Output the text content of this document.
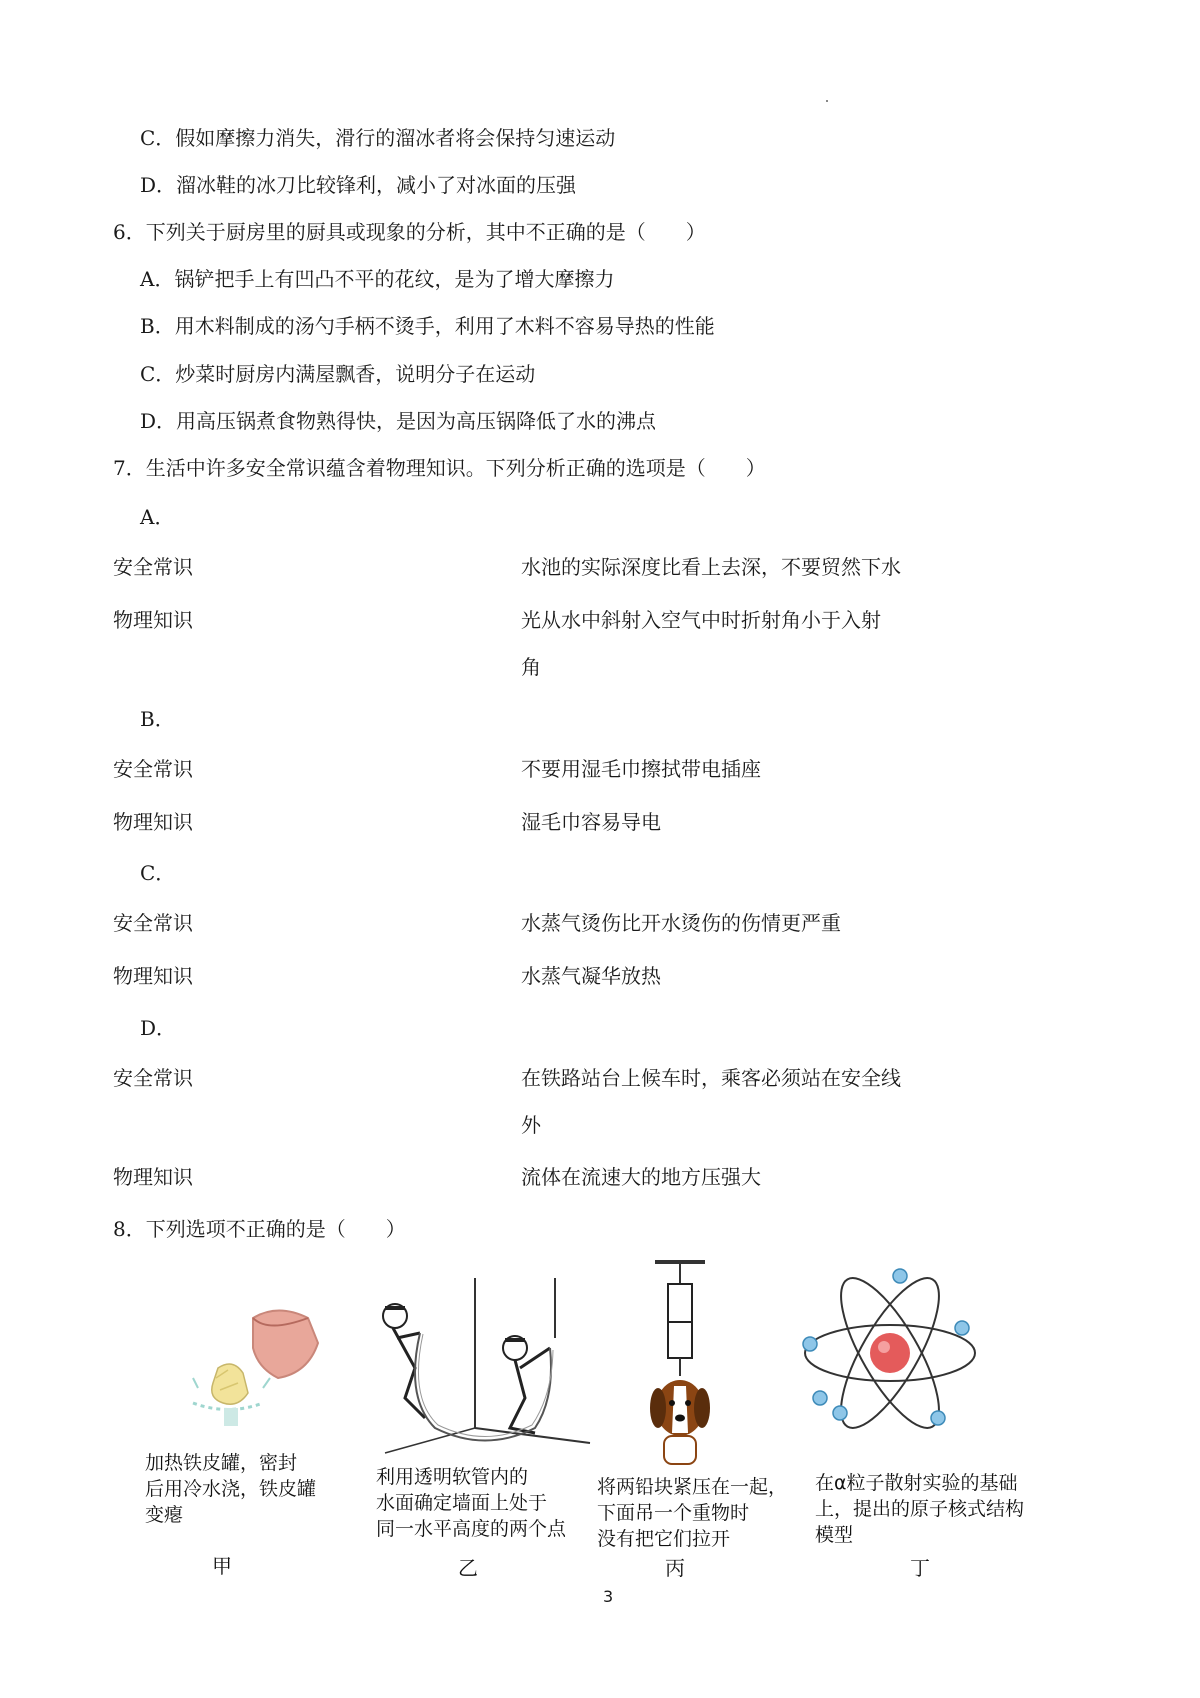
C．假如摩擦力消失，滑行的溜冰者将会保持匀速运动
D．溜冰鞋的冰刀比较锋利，减小了对冰面的压强
6．下列关于厨房里的厨具或现象的分析，其中不正确的是（　　）
A．锅铲把手上有凹凸不平的花纹，是为了增大摩擦力
B．用木料制成的汤勺手柄不烫手，利用了木料不容易导热的性能
C．炒菜时厨房内满屋飘香，说明分子在运动
D．用高压锅煮食物熟得快，是因为高压锅降低了水的沸点
7．生活中许多安全常识蕴含着物理知识。下列分析正确的选项是（　　）
A．
安全常识	水池的实际深度比看上去深，不要贸然下水
物理知识	光从水中斜射入空气中时折射角小于入射
角
B．
安全常识	不要用湿毛巾擦拭带电插座
物理知识	湿毛巾容易导电
C．
安全常识	水蒸气烫伤比开水烫伤的伤情更严重
物理知识	水蒸气凝华放热
D．
安全常识	在铁路站台上候车时，乘客必须站在安全线
外
物理知识	流体在流速大的地方压强大
8．下列选项不正确的是（　　）
加热铁皮罐，密封
后用冷水浇，铁皮罐
变瘪
甲
利用透明软管内的
水面确定墙面上处于
同一水平高度的两个点
乙
将两铅块紧压在一起，
下面吊一个重物时
没有把它们拉开
丙
在α粒子散射实验的基础
上，提出的原子核式结构
模型
丁
3
